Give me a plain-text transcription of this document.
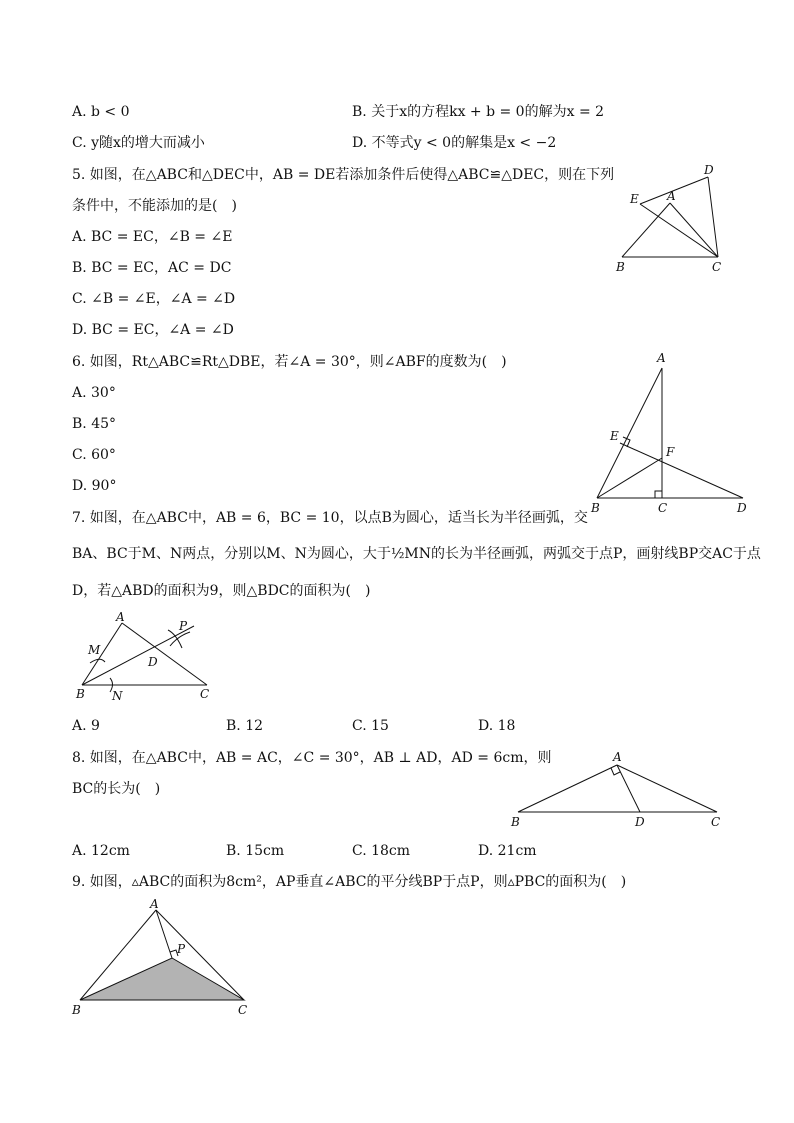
A. b < 0	B. 关于x的方程kx + b = 0的解为x = 2
C. y随x的增大而减小	D. 不等式y < 0的解集是x < −2
5. 如图，在△ABC和△DEC中，AB = DE若添加条件后使得△ABC≌△DEC，则在下列
条件中，不能添加的是(　)
A. BC = EC，∠B = ∠E
B. BC = EC，AC = DC
C. ∠B = ∠E，∠A = ∠D
D. BC = EC，∠A = ∠D
D
E A
B	C
6. 如图，Rt△ABC≌Rt△DBE，若∠A = 30°，则∠ABF的度数为(　)
A. 30°
B. 45°
C. 60°
D. 90°
A
E
F
B	C	D
7. 如图，在△ABC中，AB = 6，BC = 10，以点B为圆心，适当长为半径画弧，交
BA、BC于M、N两点，分别以M、N为圆心，大于½MN的长为半径画弧，两弧交于点P，画射线BP交AC于点
D，若△ABD的面积为9，则△BDC的面积为(　)
A
P
M
D
B N	C
A. 9	B. 12	C. 15	D. 18
8. 如图，在△ABC中，AB = AC，∠C = 30°，AB ⊥ AD，AD = 6cm，则
BC的长为(　)
A
B	D	C
A. 12cm	B. 15cm	C. 18cm	D. 21cm
9. 如图，▵ABC的面积为8cm²，AP垂直∠ABC的平分线BP于点P，则▵PBC的面积为(　)
A
P
B	C
